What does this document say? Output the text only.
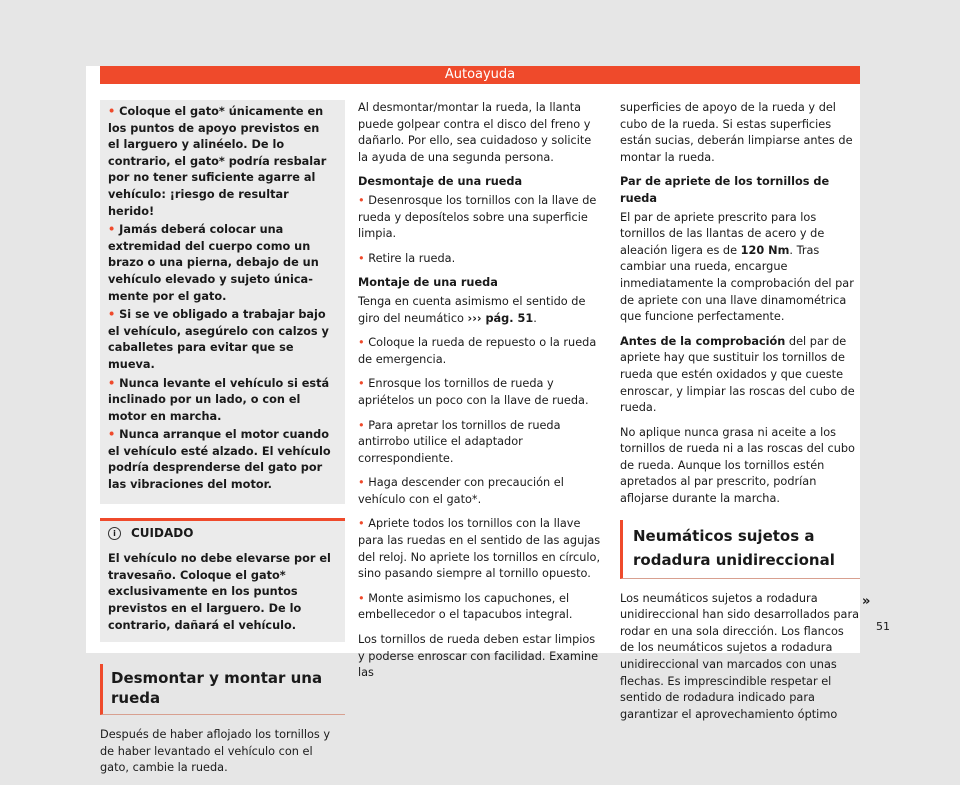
Autoayuda

• Coloque el gato* únicamente en los puntos de apoyo previstos en el larguero y alinéelo. De lo contrario, el gato* podría resbalar por no tener suficiente agarre al vehículo: ¡riesgo de resultar herido!

• Jamás deberá colocar una extremidad del cuerpo como un brazo o una pierna, debajo de un vehículo elevado y sujeto únicamente por el gato.

• Si se ve obligado a trabajar bajo el vehículo, asegúrelo con calzos y caballetes para evitar que se mueva.

• Nunca levante el vehículo si está inclinado por un lado, o con el motor en marcha.

• Nunca arranque el motor cuando el vehículo esté alzado. El vehículo podría desprenderse del gato por las vibraciones del motor.

i CUIDADO
El vehículo no debe elevarse por el travesaño. Coloque el gato* exclusivamente en los puntos previstos en el larguero. De lo contrario, dañará el vehículo.
Desmontar y montar una rueda

Después de haber aflojado los tornillos y de haber levantado el vehículo con el gato, cambie la rueda.

Al desmontar/montar la rueda, la llanta puede golpear contra el disco del freno y dañarlo. Por ello, sea cuidadoso y solicite la ayuda de una segunda persona.

Desmontaje de una rueda

• Desenrosque los tornillos con la llave de rueda y deposítelos sobre una superficie limpia.

• Retire la rueda.

Montaje de una rueda

Tenga en cuenta asimismo el sentido de giro del neumático ››› pág. 51.

• Coloque la rueda de repuesto o la rueda de emergencia.

• Enrosque los tornillos de rueda y apriételos un poco con la llave de rueda.

• Para apretar los tornillos de rueda antirrobo utilice el adaptador correspondiente.

• Haga descender con precaución el vehículo con el gato*.

• Apriete todos los tornillos con la llave para las ruedas en el sentido de las agujas del reloj. No apriete los tornillos en círculo, sino pasando siempre al tornillo opuesto.

• Monte asimismo los capuchones, el embellecedor o el tapacubos integral.

Los tornillos de rueda deben estar limpios y poderse enroscar con facilidad. Examine las

superficies de apoyo de la rueda y del cubo de la rueda. Si estas superficies están sucias, deberán limpiarse antes de montar la rueda.

Par de apriete de los tornillos de rueda

El par de apriete prescrito para los tornillos de las llantas de acero y de aleación ligera es de 120 Nm. Tras cambiar una rueda, encargue inmediatamente la comprobación del par de apriete con una llave dinamométrica que funcione perfectamente.

Antes de la comprobación del par de apriete hay que sustituir los tornillos de rueda que estén oxidados y que cueste enroscar, y limpiar las roscas del cubo de rueda.

No aplique nunca grasa ni aceite a los tornillos de rueda ni a las roscas del cubo de rueda. Aunque los tornillos estén apretados al par prescrito, podrían aflojarse durante la marcha.

Neumáticos sujetos a rodadura unidireccional

Los neumáticos sujetos a rodadura unidireccional han sido desarrollados para rodar en una sola dirección. Los flancos de los neumáticos sujetos a rodadura unidireccional van marcados con unas flechas. Es imprescindible respetar el sentido de rodadura indicado para garantizar el aprovechamiento óptimo

»
51
